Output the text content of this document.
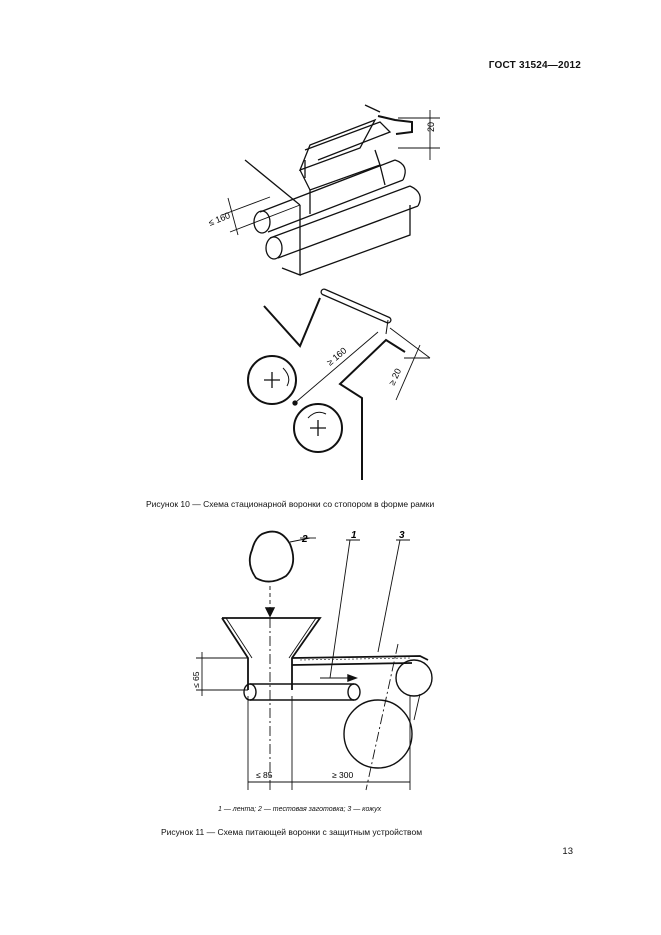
ГОСТ 31524—2012
20
≤ 160
≥ 160
≥ 20
Рисунок 10 — Схема стационарной воронки со стопором в форме рамки
2	1	3
≤ 65
≤ 85	≥ 300
1 — лента; 2 — тестовая заготовка; 3 — кожух
Рисунок 11 — Схема питающей воронки с защитным устройством
13
